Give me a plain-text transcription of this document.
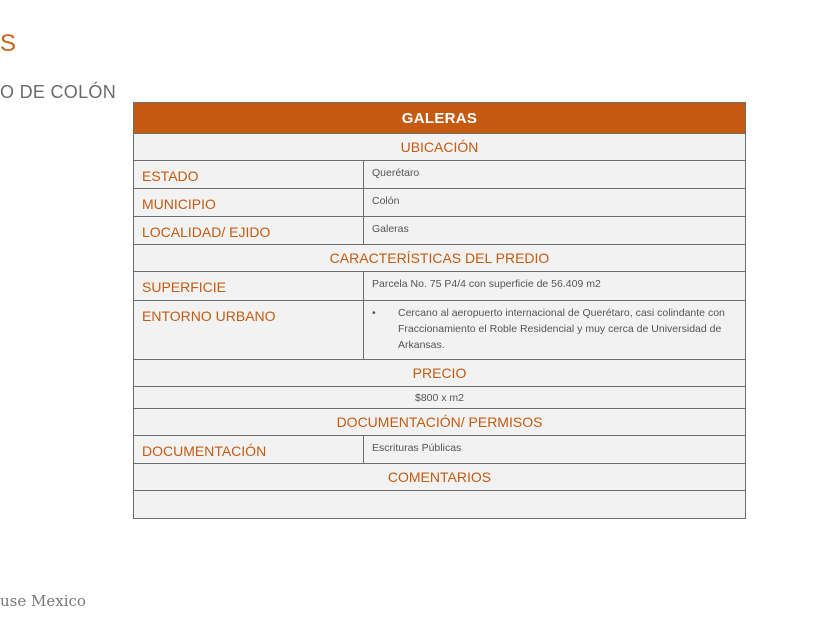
S
O DE COLÓN
GALERAS
UBICACIÓN
ESTADO	Querétaro
MUNICIPIO	Colón
LOCALIDAD/ EJIDO	Galeras
CARACTERÍSTICAS DEL PREDIO
SUPERFICIE	Parcela No. 75 P4/4 con superficie de 56.409 m2
ENTORNO URBANO	•	Cercano al aeropuerto internacional de Querétaro, casi colindante con Fraccionamiento el Roble Residencial y muy cerca de Universidad de Arkansas.
PRECIO
$800 x m2
DOCUMENTACIÓN/ PERMISOS
DOCUMENTACIÓN	Escrituras Públicas
COMENTARIOS
use Mexico
